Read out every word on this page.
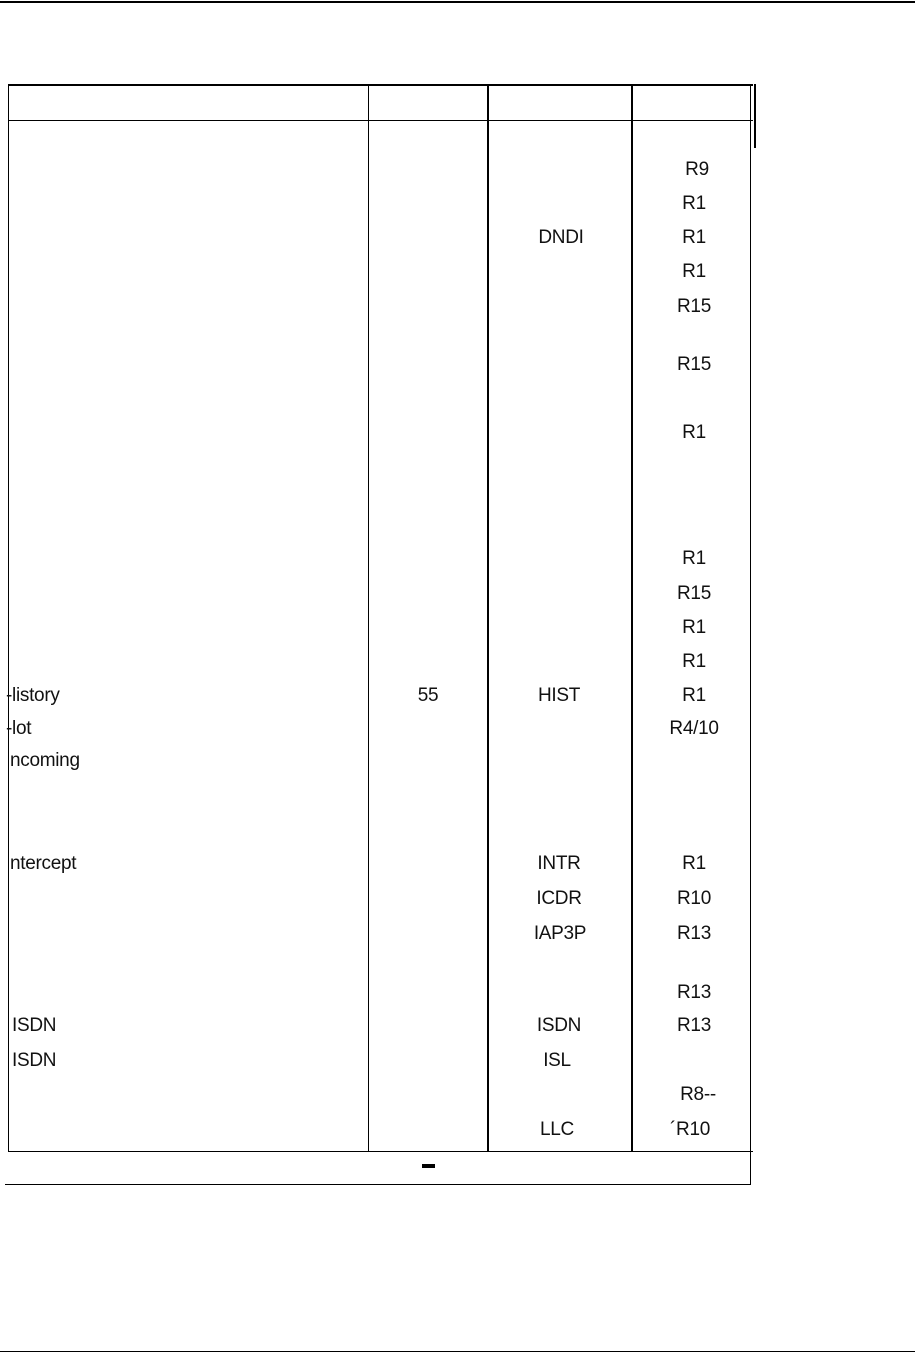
R9
R1
R1
R1
R15
R15
R1
R1
R15
R1
R1
R1
R4/10
R1
R10
R13
R13
R13
R8--
´R10
DNDI
HIST
INTR
ICDR
IAP3P
ISDN
ISL
LLC
55
-listory
-lot
ncoming
ntercept
ISDN
ISDN
